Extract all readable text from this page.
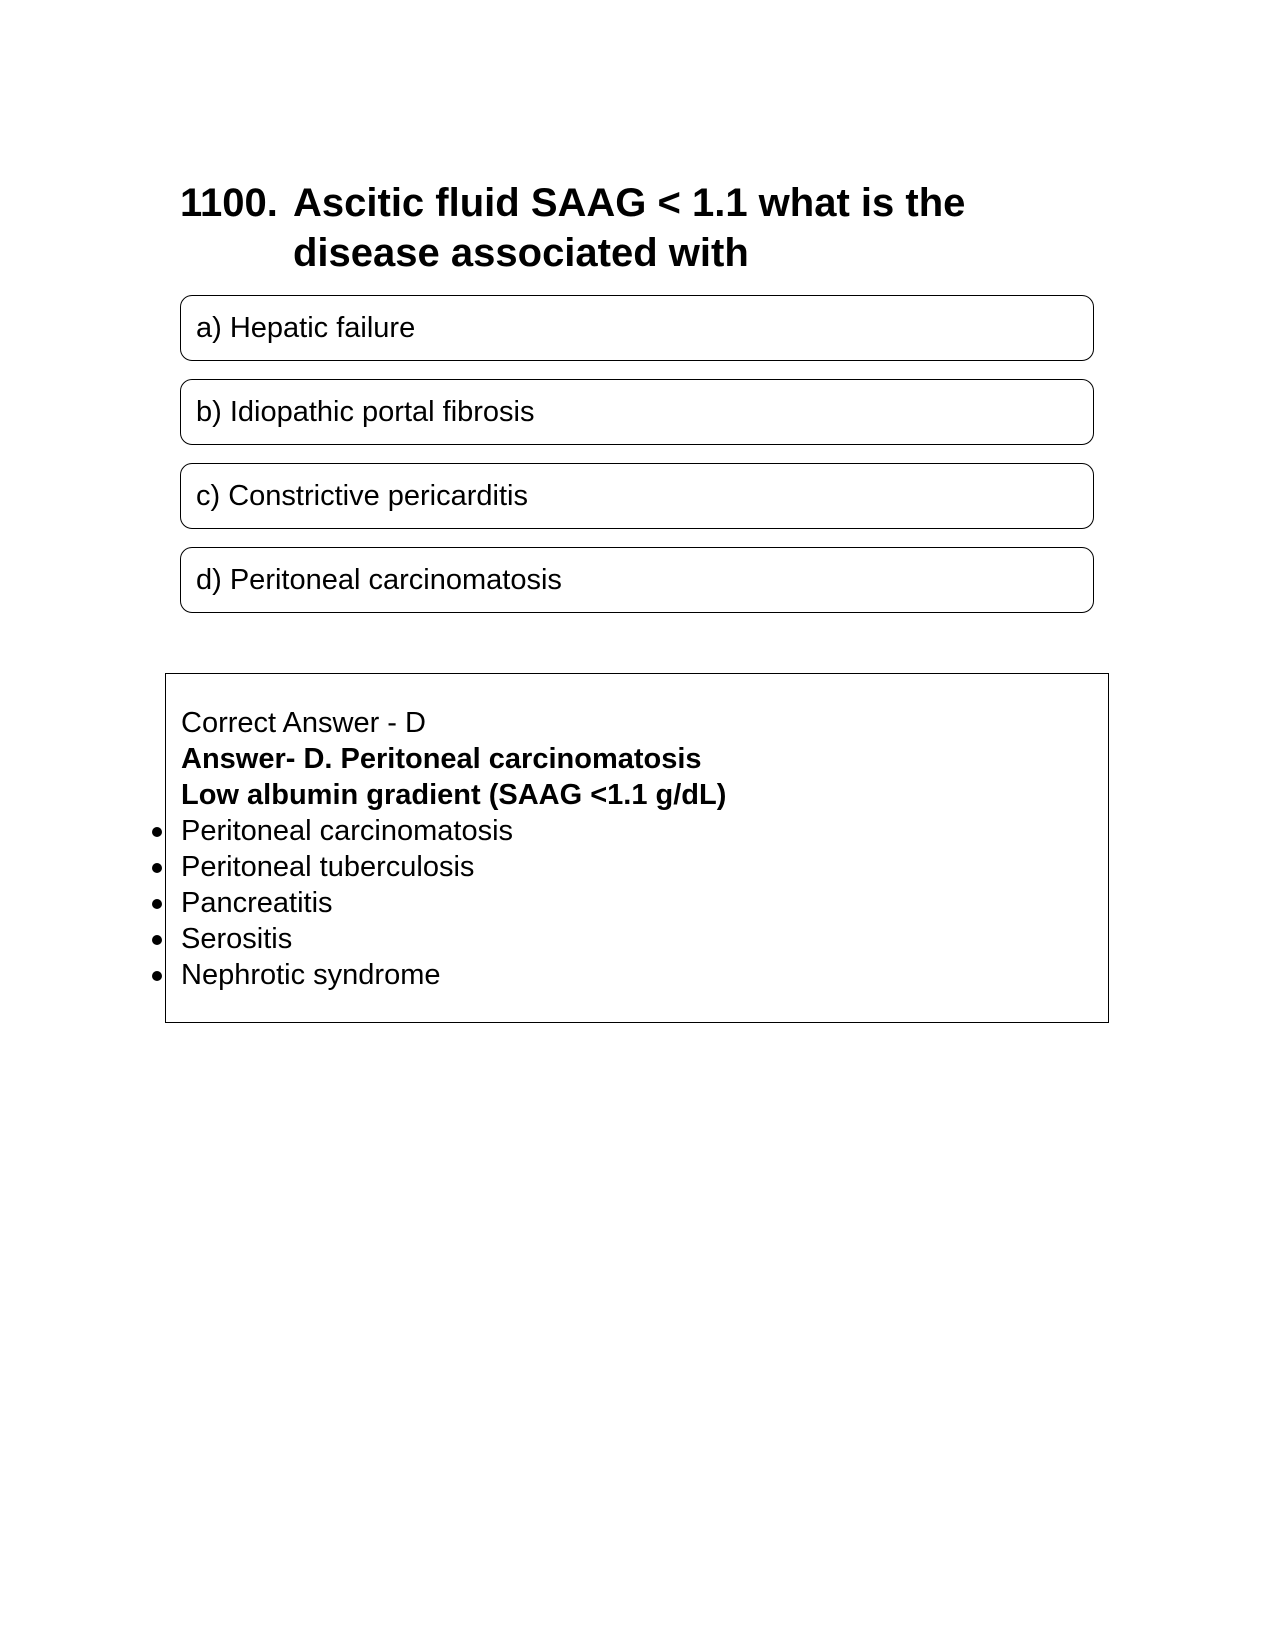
1100. Ascitic fluid SAAG < 1.1 what is the disease associated with
a) Hepatic failure
b) Idiopathic portal fibrosis
c) Constrictive pericarditis
d) Peritoneal carcinomatosis
Correct Answer - D
Answer- D. Peritoneal carcinomatosis
Low albumin gradient (SAAG <1.1 g/dL)
Peritoneal carcinomatosis
Peritoneal tuberculosis
Pancreatitis
Serositis
Nephrotic syndrome
